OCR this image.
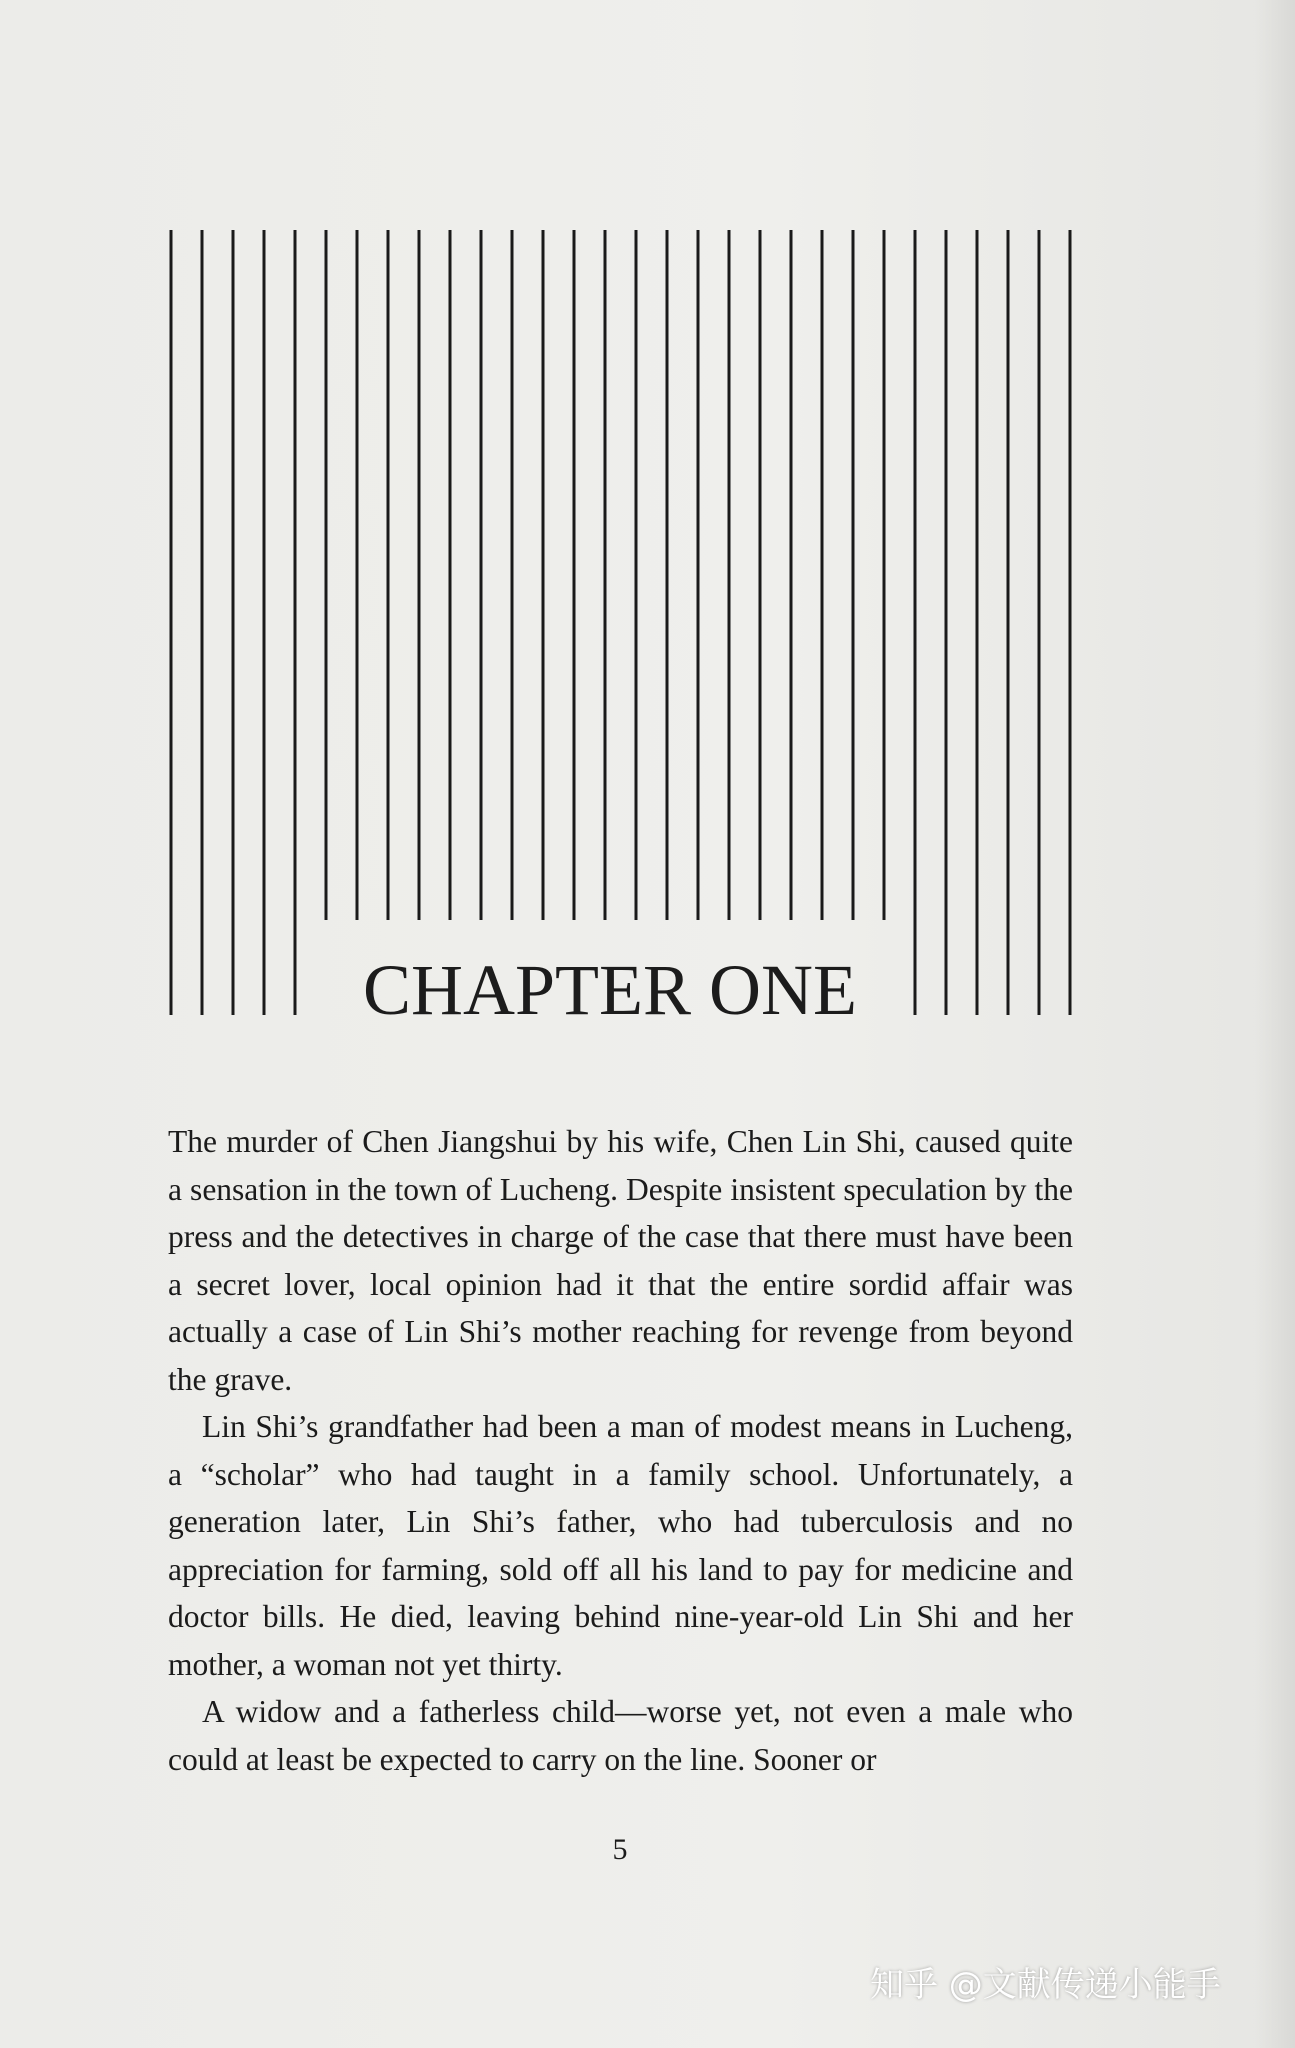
CHAPTER ONE

The murder of Chen Jiangshui by his wife, Chen Lin Shi, caused quite a sensation in the town of Lucheng. Despite insistent speculation by the press and the detectives in charge of the case that there must have been a secret lover, local opinion had it that the entire sordid affair was actually a case of Lin Shi’s mother reaching for revenge from beyond the grave.

Lin Shi’s grandfather had been a man of modest means in Lucheng, a “scholar” who had taught in a family school. Unfortunately, a generation later, Lin Shi’s father, who had tuberculosis and no appreciation for farming, sold off all his land to pay for medicine and doctor bills. He died, leaving behind nine-year-old Lin Shi and her mother, a woman not yet thirty.

A widow and a fatherless child—worse yet, not even a male who could at least be expected to carry on the line. Sooner or

5
知乎 @文献传递小能手
